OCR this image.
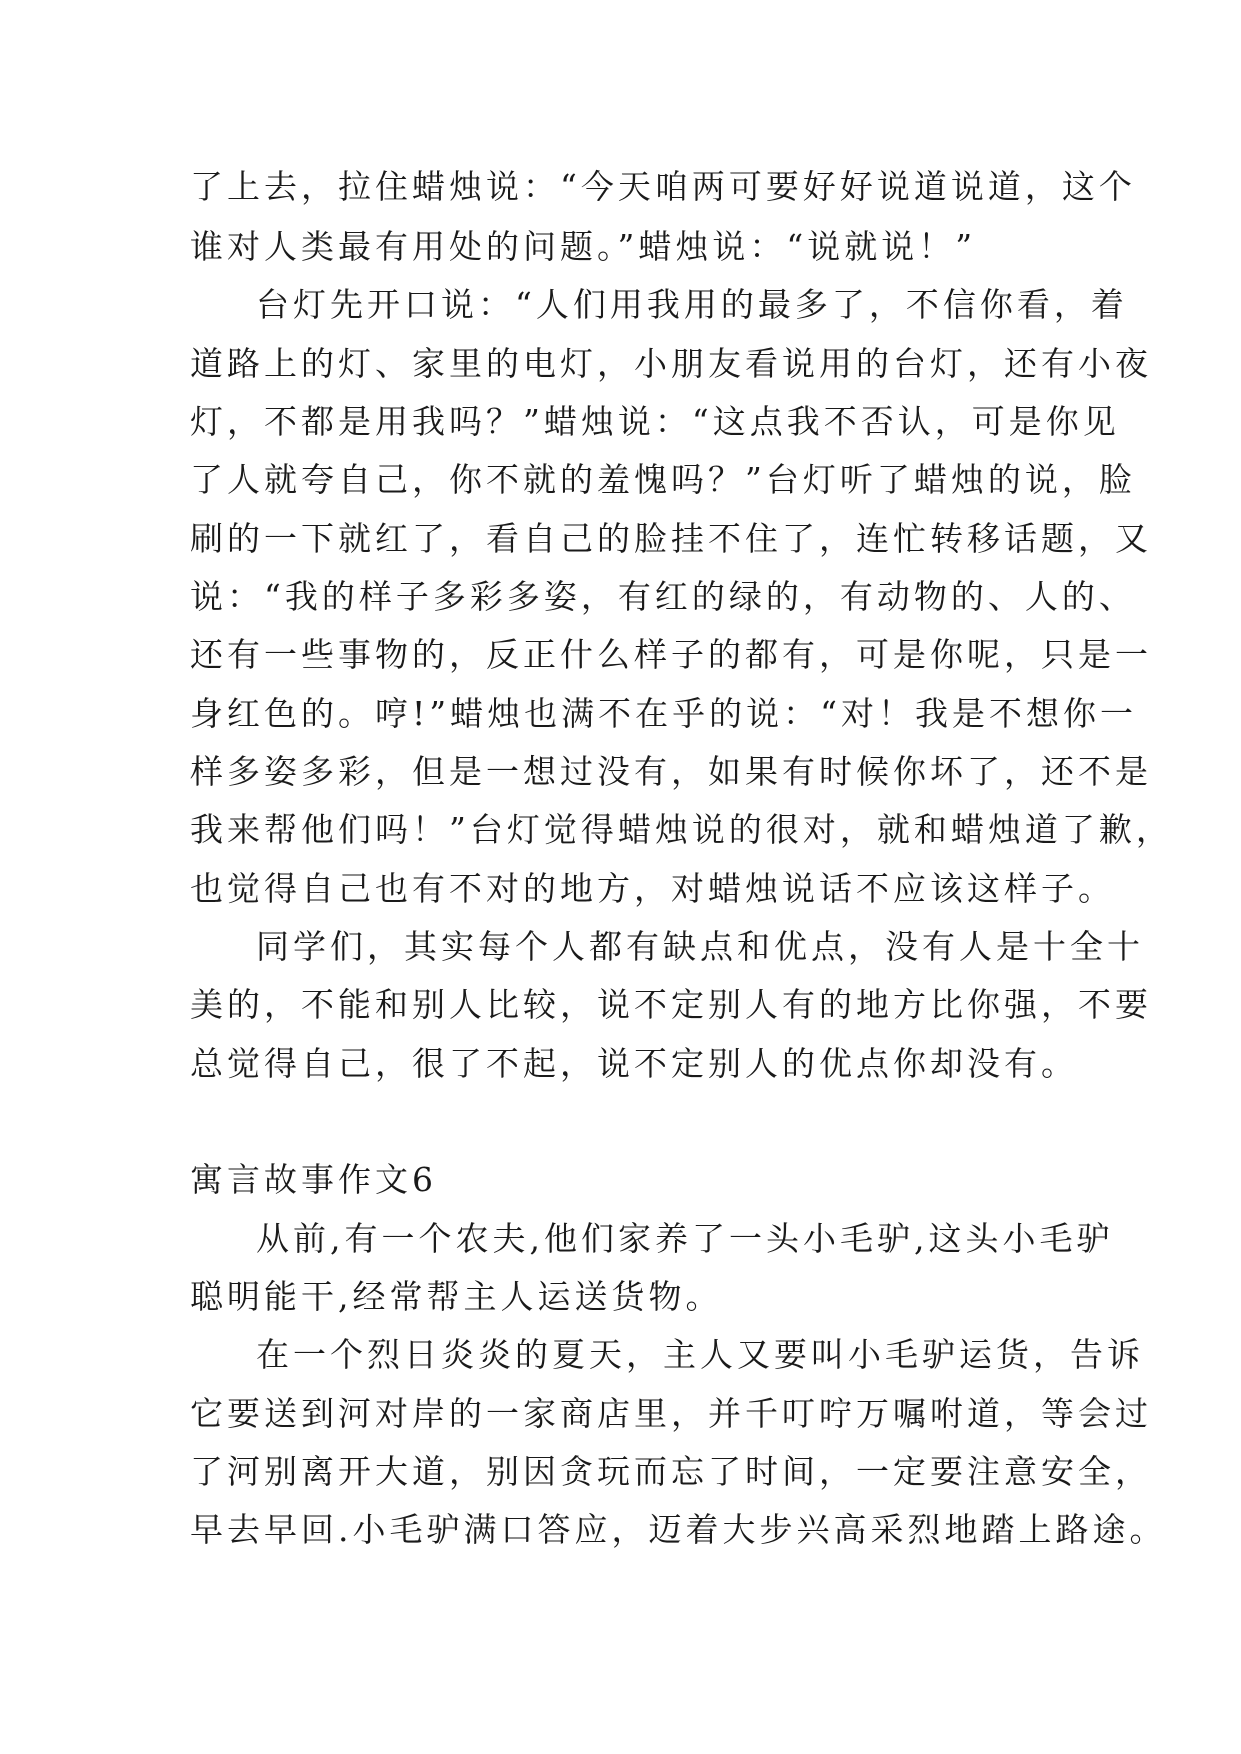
了上去，拉住蜡烛说：“今天咱两可要好好说道说道，这个
谁对人类最有用处的问题。”蜡烛说：“说就说！”
台灯先开口说：“人们用我用的最多了，不信你看，着
道路上的灯、家里的电灯，小朋友看说用的台灯，还有小夜
灯，不都是用我吗？”蜡烛说：“这点我不否认，可是你见
了人就夸自己，你不就的羞愧吗？”台灯听了蜡烛的说，脸
刷的一下就红了，看自己的脸挂不住了，连忙转移话题，又
说：“我的样子多彩多姿，有红的绿的，有动物的、人的、
还有一些事物的，反正什么样子的都有，可是你呢，只是一
身红色的。哼!”蜡烛也满不在乎的说：“对！我是不想你一
样多姿多彩，但是一想过没有，如果有时候你坏了，还不是
我来帮他们吗！”台灯觉得蜡烛说的很对，就和蜡烛道了歉，
也觉得自己也有不对的地方，对蜡烛说话不应该这样子。
同学们，其实每个人都有缺点和优点，没有人是十全十
美的，不能和别人比较，说不定别人有的地方比你强，不要
总觉得自己，很了不起，说不定别人的优点你却没有。
寓言故事作文6
从前,有一个农夫,他们家养了一头小毛驴,这头小毛驴
聪明能干,经常帮主人运送货物。
在一个烈日炎炎的夏天，主人又要叫小毛驴运货，告诉
它要送到河对岸的一家商店里，并千叮咛万嘱咐道，等会过
了河别离开大道，别因贪玩而忘了时间，一定要注意安全，
早去早回.小毛驴满口答应，迈着大步兴高采烈地踏上路途。
